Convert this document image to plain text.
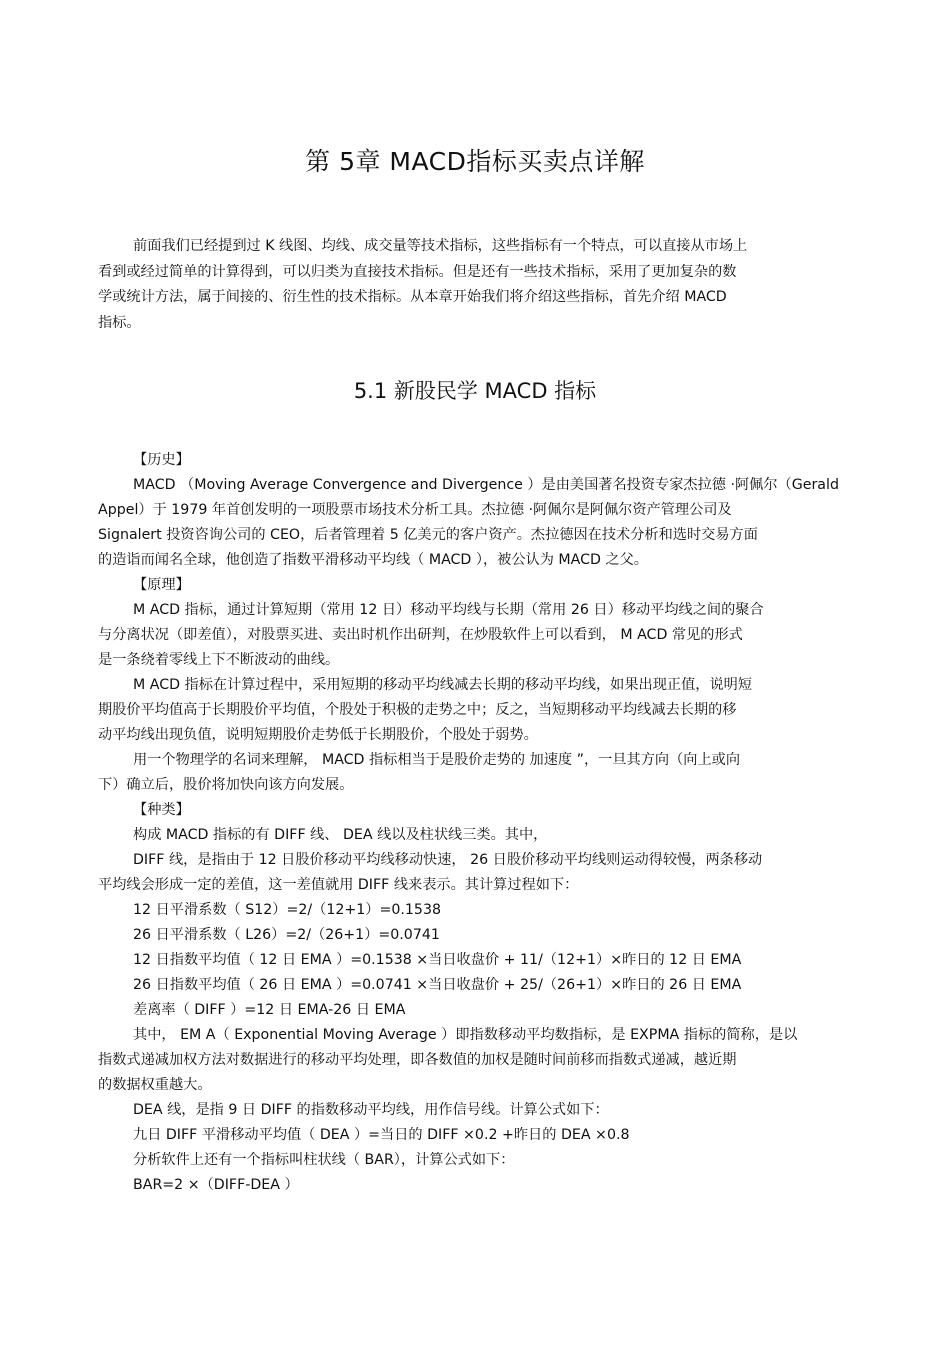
第 5章 MACD指标买卖点详解
前面我们已经提到过 K 线图、均线、成交量等技术指标，这些指标有一个特点，可以直接从市场上
看到或经过简单的计算得到，可以归类为直接技术指标。但是还有一些技术指标，采用了更加复杂的数
学或统计方法，属于间接的、衍生性的技术指标。从本章开始我们将介绍这些指标，首先介绍 MACD
指标。
5.1 新股民学 MACD 指标
【历史】
MACD （Moving Average Convergence and Divergence ）是由美国著名投资专家杰拉德 ·阿佩尔（Gerald
Appel）于 1979 年首创发明的一项股票市场技术分析工具。杰拉德 ·阿佩尔是阿佩尔资产管理公司及
Signalert 投资咨询公司的 CEO，后者管理着 5 亿美元的客户资产。杰拉德因在技术分析和选时交易方面
的造诣而闻名全球，他创造了指数平滑移动平均线（ MACD ），被公认为 MACD 之父。
【原理】
M ACD 指标，通过计算短期（常用 12 日）移动平均线与长期（常用 26 日）移动平均线之间的聚合
与分离状况（即差值），对股票买进、卖出时机作出研判，在炒股软件上可以看到， M ACD 常见的形式
是一条绕着零线上下不断波动的曲线。
M ACD 指标在计算过程中，采用短期的移动平均线减去长期的移动平均线，如果出现正值，说明短
期股价平均值高于长期股价平均值，个股处于积极的走势之中；反之，当短期移动平均线减去长期的移
动平均线出现负值，说明短期股价走势低于长期股价，个股处于弱势。
用一个物理学的名词来理解， MACD 指标相当于是股价走势的 加速度 ”，一旦其方向（向上或向
下）确立后，股价将加快向该方向发展。
【种类】
构成 MACD 指标的有 DIFF 线、 DEA 线以及柱状线三类。其中，
DIFF 线，是指由于 12 日股价移动平均线移动快速， 26 日股价移动平均线则运动得较慢，两条移动
平均线会形成一定的差值，这一差值就用 DIFF 线来表示。其计算过程如下：
12 日平滑系数（ S12）=2/（12+1）=0.1538
26 日平滑系数（ L26）=2/（26+1）=0.0741
12 日指数平均值（ 12 日 EMA ）=0.1538 ×当日收盘价 + 11/（12+1）×昨日的 12 日 EMA
26 日指数平均值（ 26 日 EMA ）=0.0741 ×当日收盘价 + 25/（26+1）×昨日的 26 日 EMA
差离率（ DIFF ）=12 日 EMA-26 日 EMA
其中， EM A（ Exponential Moving Average ）即指数移动平均数指标，是 EXPMA 指标的简称，是以
指数式递减加权方法对数据进行的移动平均处理，即各数值的加权是随时间前移而指数式递减，越近期
的数据权重越大。
DEA 线，是指 9 日 DIFF 的指数移动平均线，用作信号线。计算公式如下：
九日 DIFF 平滑移动平均值（ DEA ）=当日的 DIFF ×0.2 +昨日的 DEA ×0.8
分析软件上还有一个指标叫柱状线（ BAR），计算公式如下：
BAR=2 ×（DIFF-DEA ）
